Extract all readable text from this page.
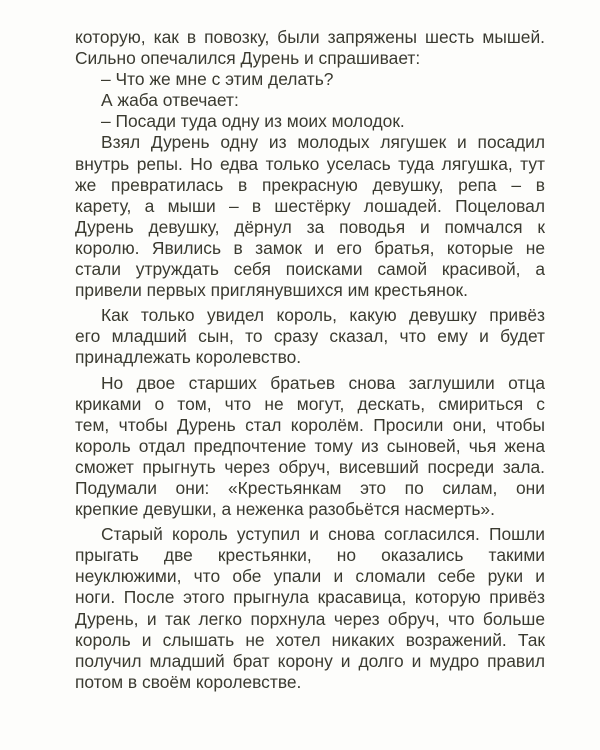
которую, как в повозку, были запряжены шесть мышей.
Сильно опечалился Дурень и спрашивает:
– Что же мне с этим делать?
А жаба отвечает:
– Посади туда одну из моих молодок.
Взял Дурень одну из молодых лягушек и посадил
внутрь репы. Но едва только уселась туда лягушка, тут
же превратилась в прекрасную девушку, репа – в
карету, а мыши – в шестёрку лошадей. Поцеловал
Дурень девушку, дёрнул за поводья и помчался к
королю. Явились в замок и его братья, которые не
стали утруждать себя поисками самой красивой, а
привели первых приглянувшихся им крестьянок.
Как только увидел король, какую девушку привёз
его младший сын, то сразу сказал, что ему и будет
принадлежать королевство.
Но двое старших братьев снова заглушили отца
криками о том, что не могут, дескать, смириться с
тем, чтобы Дурень стал королём. Просили они, чтобы
король отдал предпочтение тому из сыновей, чья жена
сможет прыгнуть через обруч, висевший посреди зала.
Подумали они: «Крестьянкам это по силам, они
крепкие девушки, а неженка разобьётся насмерть».
Старый король уступил и снова согласился. Пошли
прыгать две крестьянки, но оказались такими
неуклюжими, что обе упали и сломали себе руки и
ноги. После этого прыгнула красавица, которую привёз
Дурень, и так легко порхнула через обруч, что больше
король и слышать не хотел никаких возражений. Так
получил младший брат корону и долго и мудро правил
потом в своём королевстве.
